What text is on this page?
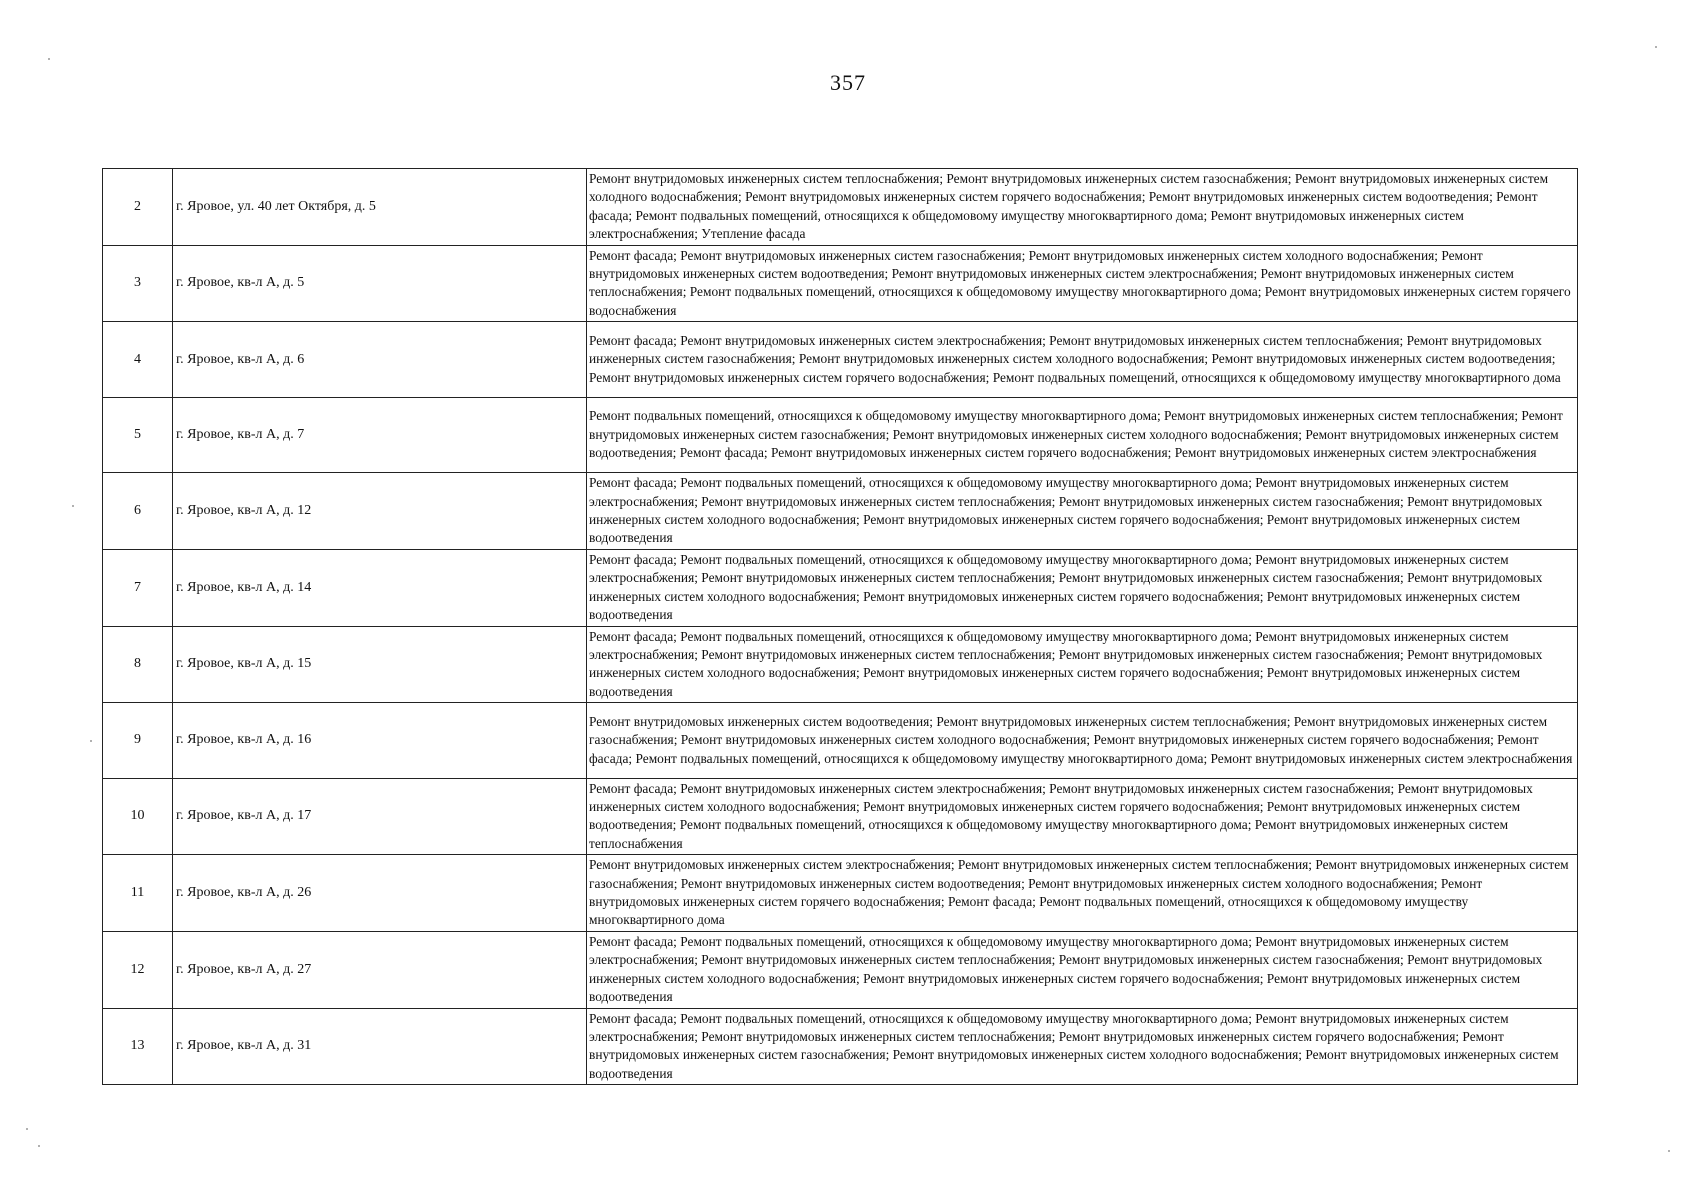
357
2	г. Яровое, ул. 40 лет Октября, д. 5	Ремонт внутридомовых инженерных систем теплоснабжения; Ремонт внутридомовых инженерных систем газоснабжения; Ремонт внутридомовых инженерных систем холодного водоснабжения; Ремонт внутридомовых инженерных систем горячего водоснабжения; Ремонт внутридомовых инженерных систем водоотведения; Ремонт фасада; Ремонт подвальных помещений, относящихся к общедомовому имуществу многоквартирного дома; Ремонт внутридомовых инженерных систем электроснабжения; Утепление фасада
3	г. Яровое, кв-л А, д. 5	Ремонт фасада; Ремонт внутридомовых инженерных систем газоснабжения; Ремонт внутридомовых инженерных систем холодного водоснабжения; Ремонт внутридомовых инженерных систем водоотведения; Ремонт внутридомовых инженерных систем электроснабжения; Ремонт внутридомовых инженерных систем теплоснабжения; Ремонт подвальных помещений, относящихся к общедомовому имуществу многоквартирного дома; Ремонт внутридомовых инженерных систем горячего водоснабжения
4	г. Яровое, кв-л А, д. 6	Ремонт фасада; Ремонт внутридомовых инженерных систем электроснабжения; Ремонт внутридомовых инженерных систем теплоснабжения; Ремонт внутридомовых инженерных систем газоснабжения; Ремонт внутридомовых инженерных систем холодного водоснабжения; Ремонт внутридомовых инженерных систем водоотведения; Ремонт внутридомовых инженерных систем горячего водоснабжения; Ремонт подвальных помещений, относящихся к общедомовому имуществу многоквартирного дома
5	г. Яровое, кв-л А, д. 7	Ремонт подвальных помещений, относящихся к общедомовому имуществу многоквартирного дома; Ремонт внутридомовых инженерных систем теплоснабжения; Ремонт внутридомовых инженерных систем газоснабжения; Ремонт внутридомовых инженерных систем холодного водоснабжения; Ремонт внутридомовых инженерных систем водоотведения; Ремонт фасада; Ремонт внутридомовых инженерных систем горячего водоснабжения; Ремонт внутридомовых инженерных систем электроснабжения
6	г. Яровое, кв-л А, д. 12	Ремонт фасада; Ремонт подвальных помещений, относящихся к общедомовому имуществу многоквартирного дома; Ремонт внутридомовых инженерных систем электроснабжения; Ремонт внутридомовых инженерных систем теплоснабжения; Ремонт внутридомовых инженерных систем газоснабжения; Ремонт внутридомовых инженерных систем холодного водоснабжения; Ремонт внутридомовых инженерных систем горячего водоснабжения; Ремонт внутридомовых инженерных систем водоотведения
7	г. Яровое, кв-л А, д. 14	Ремонт фасада; Ремонт подвальных помещений, относящихся к общедомовому имуществу многоквартирного дома; Ремонт внутридомовых инженерных систем электроснабжения; Ремонт внутридомовых инженерных систем теплоснабжения; Ремонт внутридомовых инженерных систем газоснабжения; Ремонт внутридомовых инженерных систем холодного водоснабжения; Ремонт внутридомовых инженерных систем горячего водоснабжения; Ремонт внутридомовых инженерных систем водоотведения
8	г. Яровое, кв-л А, д. 15	Ремонт фасада; Ремонт подвальных помещений, относящихся к общедомовому имуществу многоквартирного дома; Ремонт внутридомовых инженерных систем электроснабжения; Ремонт внутридомовых инженерных систем теплоснабжения; Ремонт внутридомовых инженерных систем газоснабжения; Ремонт внутридомовых инженерных систем холодного водоснабжения; Ремонт внутридомовых инженерных систем горячего водоснабжения; Ремонт внутридомовых инженерных систем водоотведения
9	г. Яровое, кв-л А, д. 16	Ремонт внутридомовых инженерных систем водоотведения; Ремонт внутридомовых инженерных систем теплоснабжения; Ремонт внутридомовых инженерных систем газоснабжения; Ремонт внутридомовых инженерных систем холодного водоснабжения; Ремонт внутридомовых инженерных систем горячего водоснабжения; Ремонт фасада; Ремонт подвальных помещений, относящихся к общедомовому имуществу многоквартирного дома; Ремонт внутридомовых инженерных систем электроснабжения
10	г. Яровое, кв-л А, д. 17	Ремонт фасада; Ремонт внутридомовых инженерных систем электроснабжения; Ремонт внутридомовых инженерных систем газоснабжения; Ремонт внутридомовых инженерных систем холодного водоснабжения; Ремонт внутридомовых инженерных систем горячего водоснабжения; Ремонт внутридомовых инженерных систем водоотведения; Ремонт подвальных помещений, относящихся к общедомовому имуществу многоквартирного дома; Ремонт внутридомовых инженерных систем теплоснабжения
11	г. Яровое, кв-л А, д. 26	Ремонт внутридомовых инженерных систем электроснабжения; Ремонт внутридомовых инженерных систем теплоснабжения; Ремонт внутридомовых инженерных систем газоснабжения; Ремонт внутридомовых инженерных систем водоотведения; Ремонт внутридомовых инженерных систем холодного водоснабжения; Ремонт внутридомовых инженерных систем горячего водоснабжения; Ремонт фасада; Ремонт подвальных помещений, относящихся к общедомовому имуществу многоквартирного дома
12	г. Яровое, кв-л А, д. 27	Ремонт фасада; Ремонт подвальных помещений, относящихся к общедомовому имуществу многоквартирного дома; Ремонт внутридомовых инженерных систем электроснабжения; Ремонт внутридомовых инженерных систем теплоснабжения; Ремонт внутридомовых инженерных систем газоснабжения; Ремонт внутридомовых инженерных систем холодного водоснабжения; Ремонт внутридомовых инженерных систем горячего водоснабжения; Ремонт внутридомовых инженерных систем водоотведения
13	г. Яровое, кв-л А, д. 31	Ремонт фасада; Ремонт подвальных помещений, относящихся к общедомовому имуществу многоквартирного дома; Ремонт внутридомовых инженерных систем электроснабжения; Ремонт внутридомовых инженерных систем теплоснабжения; Ремонт внутридомовых инженерных систем горячего водоснабжения; Ремонт внутридомовых инженерных систем газоснабжения; Ремонт внутридомовых инженерных систем холодного водоснабжения; Ремонт внутридомовых инженерных систем водоотведения
